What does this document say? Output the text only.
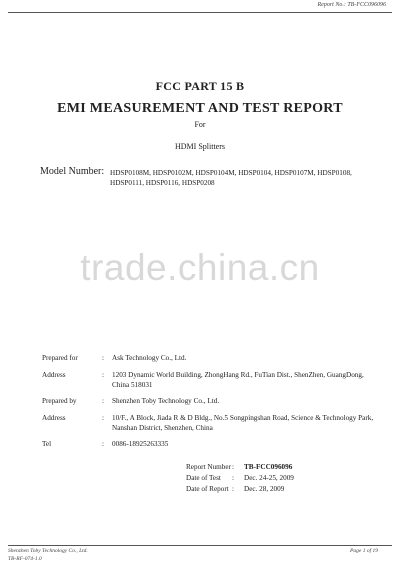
Report No.: TB-FCC096096
FCC PART 15 B
EMI MEASUREMENT AND TEST REPORT
For
HDMI Splitters
Model Number: HDSP0108M, HDSP0102M, HDSP0104M, HDSP0104, HDSP0107M, HDSP0108, HDSP0111, HDSP0116, HDSP0208
trade.china.cn
Prepared for	: Ask Technology Co., Ltd.
Address	: 1203 Dynamic World Building, ZhongHang Rd., FuTian Dist., ShenZhen, GuangDong, China 518031
Prepared by	: Shenzhen Toby Technology Co., Ltd.
Address	: 10/F., A Block, Jiada R & D Bldg., No.5 Songpingshan Road, Science & Technology Park, Nanshan District, Shenzhen, China
Tel	: 0086-18925263335
Report Number : TB-FCC096096
Date of Test : Dec. 24-25, 2009
Date of Report : Dec. 28, 2009
Shenzhen Toby Technology Co., Ltd.
TB-RF-074-1.0
Page 1 of 19
